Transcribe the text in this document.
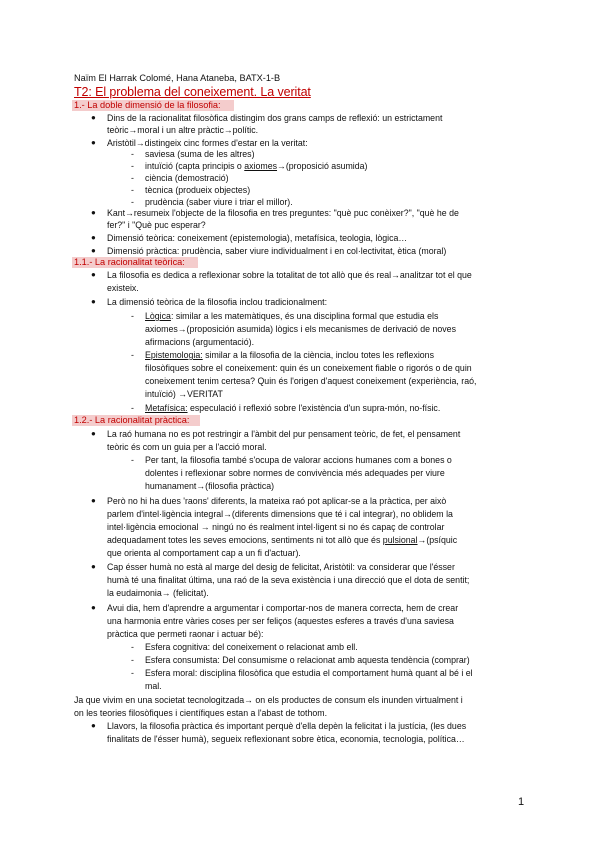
Naïm El Harrak Colomé, Hana Ataneba, BATX-1-B
T2: El problema del coneixement. La veritat
1.- La doble dimensió de la filosofia:
● Dins de la racionalitat filosòfica distingim dos grans camps de reflexió: un estrictament
teòric→moral i un altre pràctic→polític.
● Aristòtil→distingeix cinc formes d'estar en la veritat:
- saviesa (suma de les altres)
- intuïció (capta principis o axiomes→(proposició asumida)
- ciència (demostració)
- tècnica (produeix objectes)
- prudència (saber viure i triar el millor).
● Kant→resumeix l'objecte de la filosofia en tres preguntes: "què puc conèixer?", "què he de
fer?" i "Què puc esperar?
● Dimensió teòrica: coneixement (epistemologia), metafísica, teologia, lògica…
● Dimensió pràctica: prudència, saber viure individualment i en col·lectivitat, ètica (moral)
1.1.- La racionalitat teòrica:
● La filosofia es dedica a reflexionar sobre la totalitat de tot allò que és real→analitzar tot el que
existeix.
● La dimensió teòrica de la filosofia inclou tradicionalment:
- Lògica: similar a les matemàtiques, és una disciplina formal que estudia els
axiomes→(proposición asumida) lògics i els mecanismes de derivació de noves
afirmacions (argumentació).
- Epistemologia: similar a la filosofia de la ciència, inclou totes les reflexions
filosòfiques sobre el coneixement: quin és un coneixement fiable o rigorós o de quin
coneixement tenim certesa? Quin és l'origen d'aquest coneixement (experiència, raó,
intuïció) →VERITAT
- Metafísica: especulació i reflexió sobre l'existència d'un supra-món, no-físic.
1.2.- La racionalitat pràctica:
● La raó humana no es pot restringir a l'àmbit del pur pensament teòric, de fet, el pensament
teòric és com un guia per a l'acció moral.
- Per tant, la filosofia també s'ocupa de valorar accions humanes com a bones o
dolentes i reflexionar sobre normes de convivència més adequades per viure
humanament→(filosofia pràctica)
● Però no hi ha dues 'raons' diferents, la mateixa raó pot aplicar-se a la pràctica, per això
parlem d'intel·ligència integral→(diferents dimensions que té i cal integrar), no oblidem la
intel·ligència emocional → ningú no és realment intel·ligent si no és capaç de controlar
adequadament totes les seves emocions, sentiments ni tot allò que és pulsional→(psíquic
que orienta al comportament cap a un fi d'actuar).
● Cap ésser humà no està al marge del desig de felicitat, Aristòtil: va considerar que l'ésser
humà té una finalitat última, una raó de la seva existència i una direcció que el dota de sentit;
la eudaimonia→ (felicitat).
● Avui dia, hem d'aprendre a argumentar i comportar-nos de manera correcta, hem de crear
una harmonia entre vàries coses per ser feliços (aquestes esferes a través d'una saviesa
pràctica que permeti raonar i actuar bé):
- Esfera cognitiva: del coneixement o relacionat amb ell.
- Esfera consumista: Del consumisme o relacionat amb aquesta tendència (comprar)
- Esfera moral: disciplina filosòfica que estudia el comportament humà quant al bé i el
mal.
Ja que vivim en una societat tecnologitzada→ on els productes de consum els inunden virtualment i
on les teories filosòfiques i científiques estan a l'abast de tothom.
● Llavors, la filosofia pràctica és important perquè d'ella depèn la felicitat i la justícia, (les dues
finalitats de l'ésser humà), segueix reflexionant sobre ètica, economia, tecnologia, política…
1
